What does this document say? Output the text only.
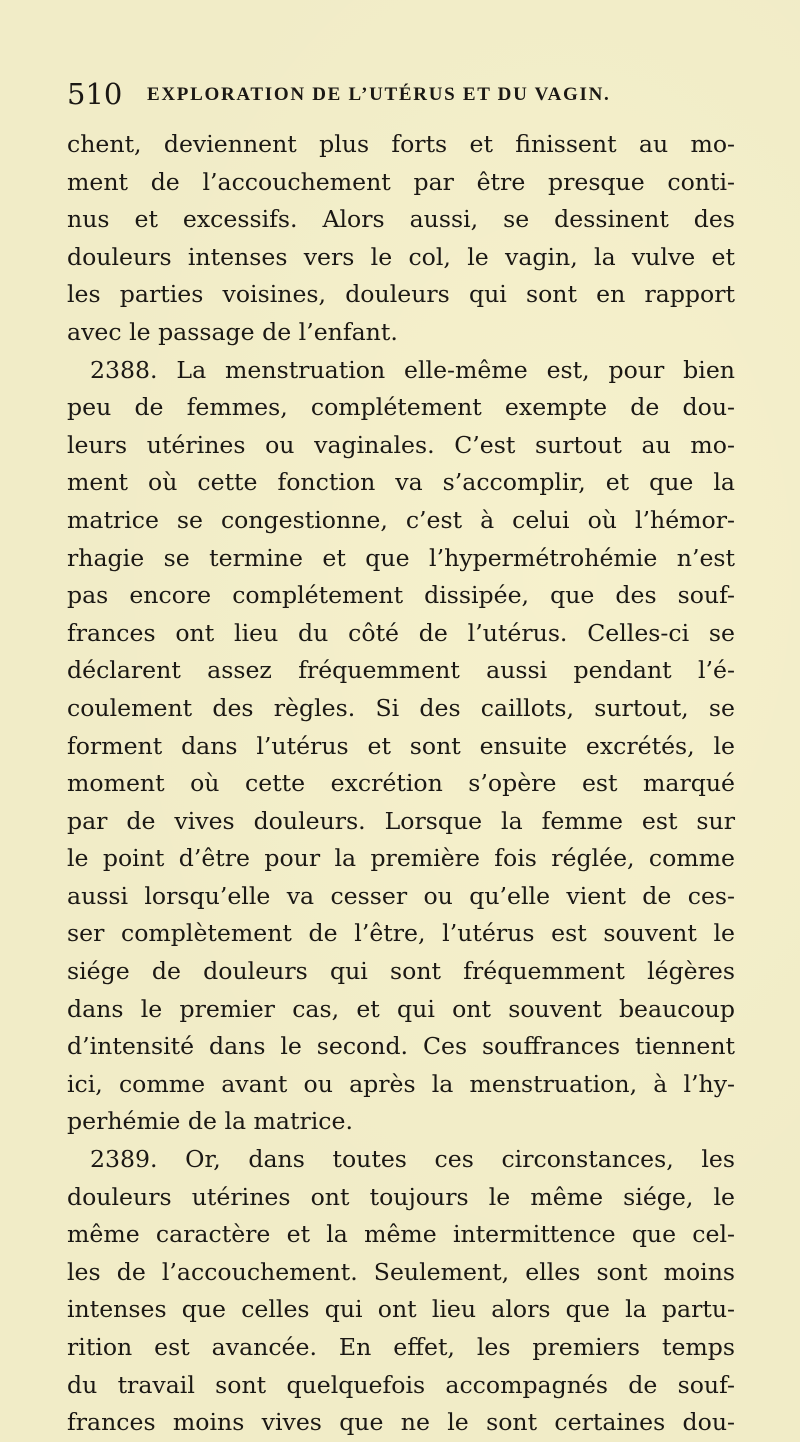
510 EXPLORATION DE L’UTÉRUS ET DU VAGIN.
chent, deviennent plus forts et finissent au mo-
ment de l’accouchement par être presque conti-
nus et excessifs. Alors aussi, se dessinent des
douleurs intenses vers le col, le vagin, la vulve et
les parties voisines, douleurs qui sont en rapport
avec le passage de l’enfant.
2388. La menstruation elle-même est, pour bien
peu de femmes, complétement exempte de dou-
leurs utérines ou vaginales. C’est surtout au mo-
ment où cette fonction va s’accomplir, et que la
matrice se congestionne, c’est à celui où l’hémor-
rhagie se termine et que l’hypermétrohémie n’est
pas encore complétement dissipée, que des souf-
frances ont lieu du côté de l’utérus. Celles-ci se
déclarent assez fréquemment aussi pendant l’é-
coulement des règles. Si des caillots, surtout, se
forment dans l’utérus et sont ensuite excrétés, le
moment où cette excrétion s’opère est marqué
par de vives douleurs. Lorsque la femme est sur
le point d’être pour la première fois réglée, comme
aussi lorsqu’elle va cesser ou qu’elle vient de ces-
ser complètement de l’être, l’utérus est souvent le
siége de douleurs qui sont fréquemment légères
dans le premier cas, et qui ont souvent beaucoup
d’intensité dans le second. Ces souffrances tiennent
ici, comme avant ou après la menstruation, à l’hy-
perhémie de la matrice.
2389. Or, dans toutes ces circonstances, les
douleurs utérines ont toujours le même siége, le
même caractère et la même intermittence que cel-
les de l’accouchement. Seulement, elles sont moins
intenses que celles qui ont lieu alors que la partu-
rition est avancée. En effet, les premiers temps
du travail sont quelquefois accompagnés de souf-
frances moins vives que ne le sont certaines dou-
